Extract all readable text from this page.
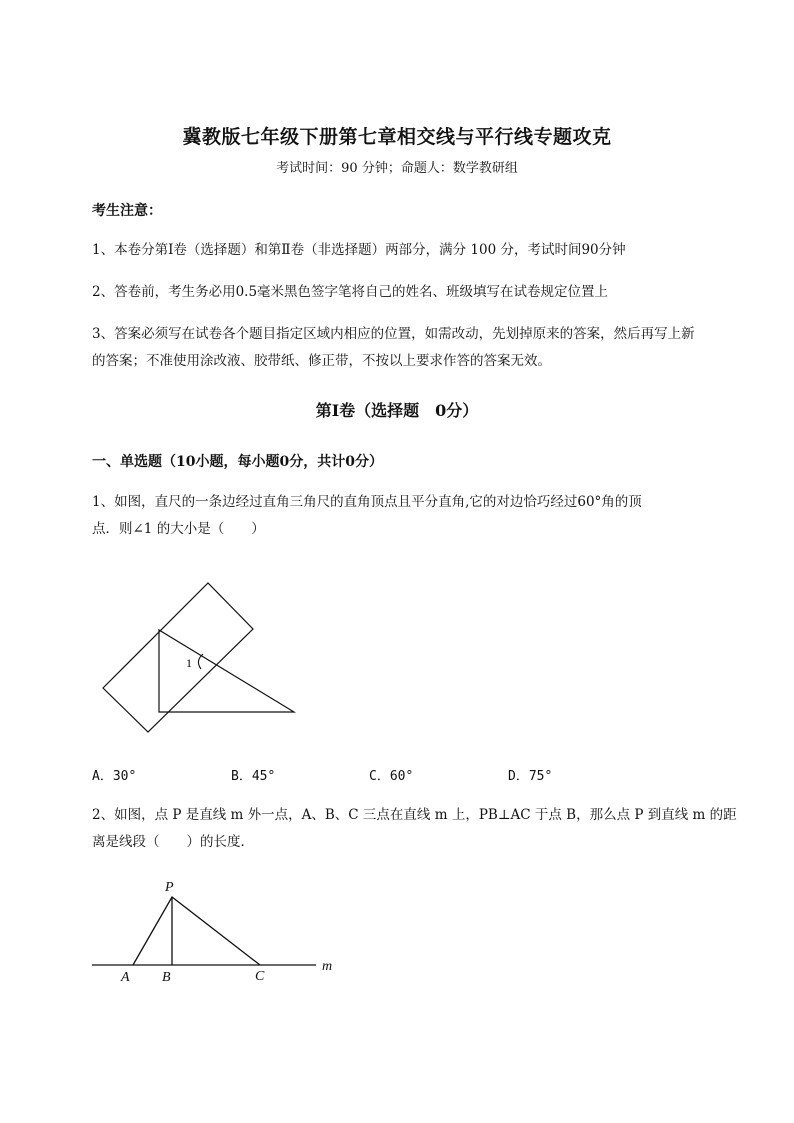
冀教版七年级下册第七章相交线与平行线专题攻克
考试时间：90 分钟；命题人：数学教研组
考生注意：
1、本卷分第Ⅰ卷（选择题）和第Ⅱ卷（非选择题）两部分，满分 100 分，考试时间90分钟
2、答卷前，考生务必用0.5毫米黑色签字笔将自己的姓名、班级填写在试卷规定位置上
3、答案必须写在试卷各个题目指定区域内相应的位置，如需改动，先划掉原来的答案，然后再写上新
的答案；不准使用涂改液、胶带纸、修正带，不按以上要求作答的答案无效。
第Ⅰ卷（选择题　0分）
一、单选题（10小题，每小题0分，共计0分）
1、如图，直尺的一条边经过直角三角尺的直角顶点且平分直角,它的对边恰巧经过60°角的顶
点．则∠1 的大小是（　　）
1
A．30°	B．45°	C．60°	D．75°
2、如图，点 P 是直线 m 外一点，A、B、C 三点在直线 m 上，PB⊥AC 于点 B，那么点 P 到直线 m 的距
离是线段（　　）的长度．
P
A B	C
m
